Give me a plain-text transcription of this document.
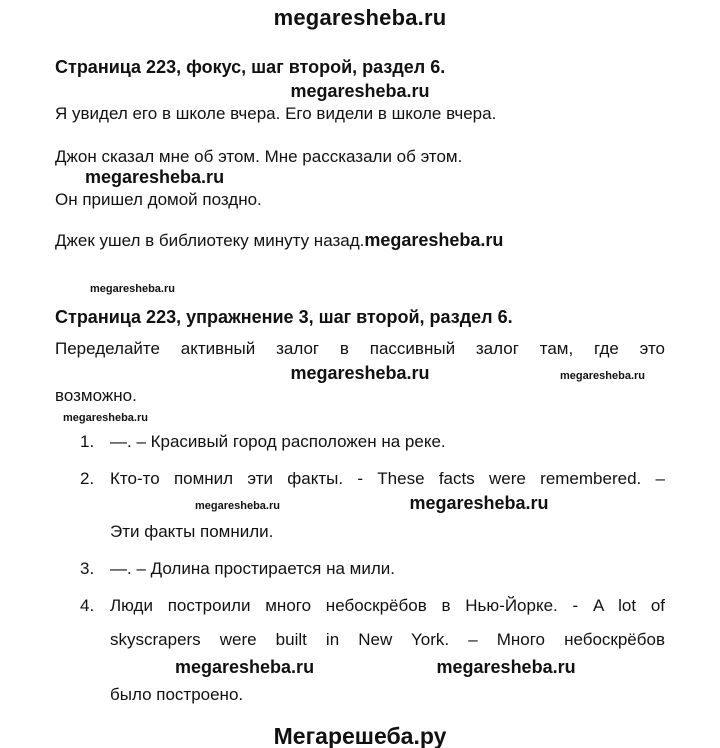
megaresheba.ru
Страница 223, фокус, шаг второй, раздел 6.
megaresheba.ru

Я увидел его в школе вчера. Его видели в школе вчера.

Джон сказал мне об этом. Мне рассказали об этом.

megaresheba.ru

Он пришел домой поздно.

Джек ушел в библиотеку минуту назад.megaresheba.ru

megaresheba.ru
Страница 223, упражнение 3, шаг второй, раздел 6.

Переделайте активный залог в пассивный залог там, где это

megaresheba.ru	megaresheba.ru

возможно.

megaresheba.ru
1. —. – Красивый город расположен на реке.
2. Кто-то помнил эти факты. - These facts were remembered. –
megaresheba.ru	megaresheba.ru
Эти факты помнили.
3. —. – Долина простирается на мили.
4. Люди построили много небоскрёбов в Нью-Йорке. - A lot of
skyscrapers were built in New York. – Много небоскрёбов
megaresheba.ru	megaresheba.ru
было построено.
Мегарешеба.ру
